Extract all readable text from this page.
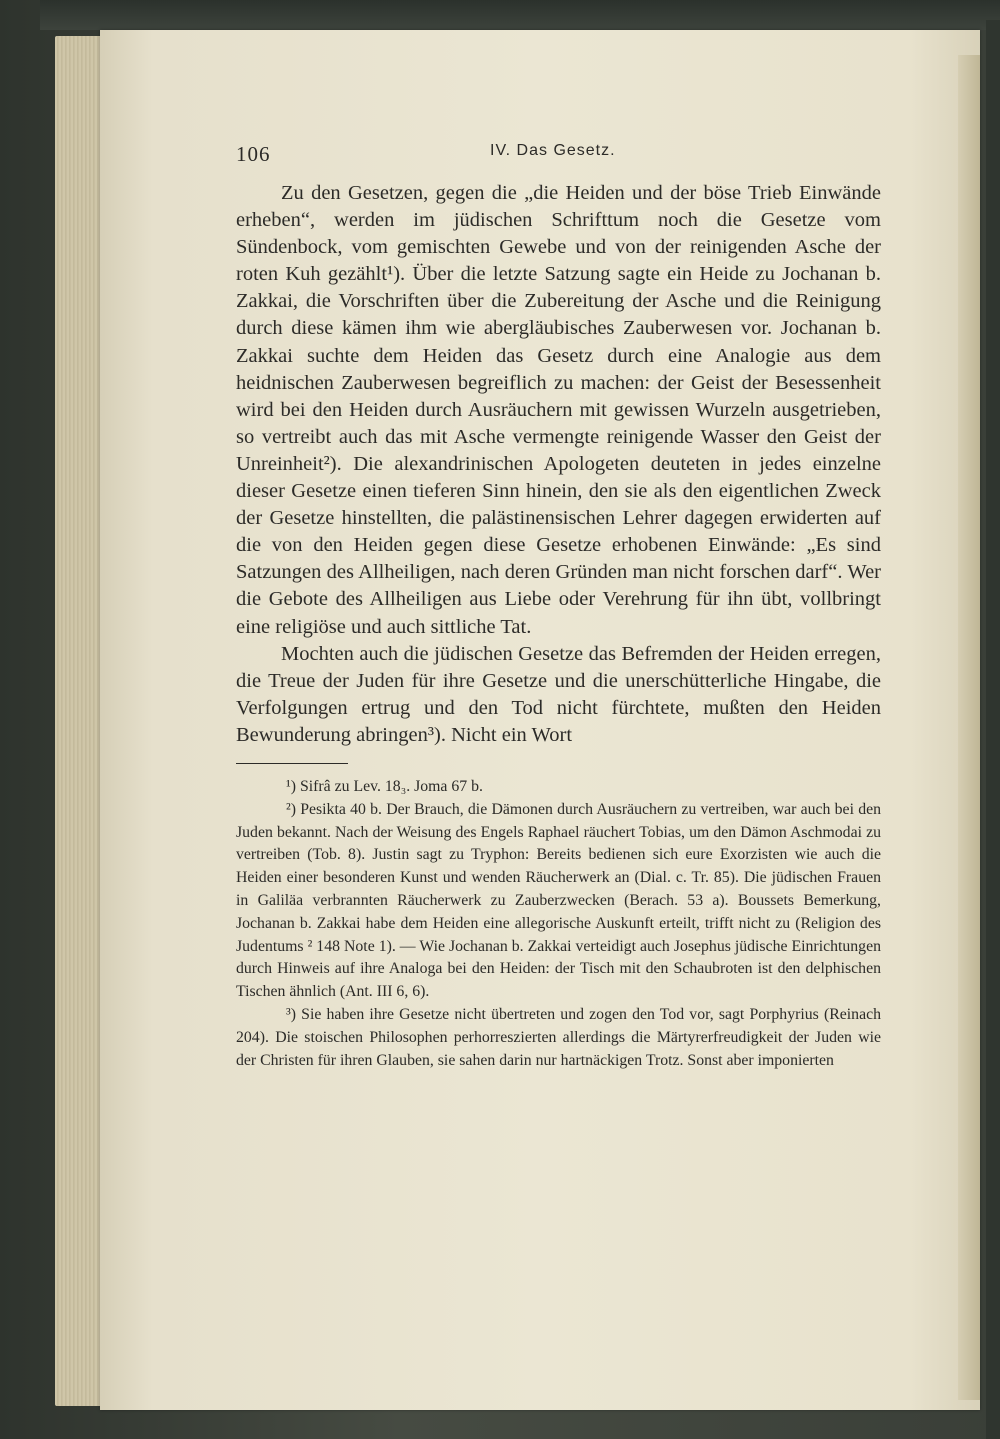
106	IV. Das Gesetz.

Zu den Gesetzen, gegen die „die Heiden und der böse Trieb Einwände erheben“, werden im jüdischen Schrifttum noch die Gesetze vom Sündenbock, vom gemischten Gewebe und von der reinigenden Asche der roten Kuh gezählt¹). Über die letzte Satzung sagte ein Heide zu Jochanan b. Zakkai, die Vorschriften über die Zubereitung der Asche und die Reinigung durch diese kämen ihm wie abergläubisches Zauberwesen vor. Jochanan b. Zakkai suchte dem Heiden das Gesetz durch eine Analogie aus dem heidnischen Zauberwesen begreiflich zu machen: der Geist der Besessenheit wird bei den Heiden durch Ausräuchern mit gewissen Wurzeln ausgetrieben, so vertreibt auch das mit Asche vermengte reinigende Wasser den Geist der Unreinheit²). Die alexandrinischen Apologeten deuteten in jedes einzelne dieser Gesetze einen tieferen Sinn hinein, den sie als den eigentlichen Zweck der Gesetze hinstellten, die palästinensischen Lehrer dagegen erwiderten auf die von den Heiden gegen diese Gesetze erhobenen Einwände: „Es sind Satzungen des Allheiligen, nach deren Gründen man nicht forschen darf“. Wer die Gebote des Allheiligen aus Liebe oder Verehrung für ihn übt, vollbringt eine religiöse und auch sittliche Tat.

Mochten auch die jüdischen Gesetze das Befremden der Heiden erregen, die Treue der Juden für ihre Gesetze und die unerschütterliche Hingabe, die Verfolgungen ertrug und den Tod nicht fürchtete, mußten den Heiden Bewunderung abringen³). Nicht ein Wort

¹) Sifrâ zu Lev. 18₃. Joma 67 b.

²) Pesikta 40 b. Der Brauch, die Dämonen durch Ausräuchern zu vertreiben, war auch bei den Juden bekannt. Nach der Weisung des Engels Raphael räuchert Tobias, um den Dämon Aschmodai zu vertreiben (Tob. 8). Justin sagt zu Tryphon: Bereits bedienen sich eure Exorzisten wie auch die Heiden einer besonderen Kunst und wenden Räucherwerk an (Dial. c. Tr. 85). Die jüdischen Frauen in Galiläa verbrannten Räucherwerk zu Zauberzwecken (Berach. 53 a). Boussets Bemerkung, Jochanan b. Zakkai habe dem Heiden eine allegorische Auskunft erteilt, trifft nicht zu (Religion des Judentums ² 148 Note 1). — Wie Jochanan b. Zakkai verteidigt auch Josephus jüdische Einrichtungen durch Hinweis auf ihre Analoga bei den Heiden: der Tisch mit den Schaubroten ist den delphischen Tischen ähnlich (Ant. III 6, 6).

³) Sie haben ihre Gesetze nicht übertreten und zogen den Tod vor, sagt Porphyrius (Reinach 204). Die stoischen Philosophen perhorreszierten allerdings die Märtyrerfreudigkeit der Juden wie der Christen für ihren Glauben, sie sahen darin nur hartnäckigen Trotz. Sonst aber imponierten
